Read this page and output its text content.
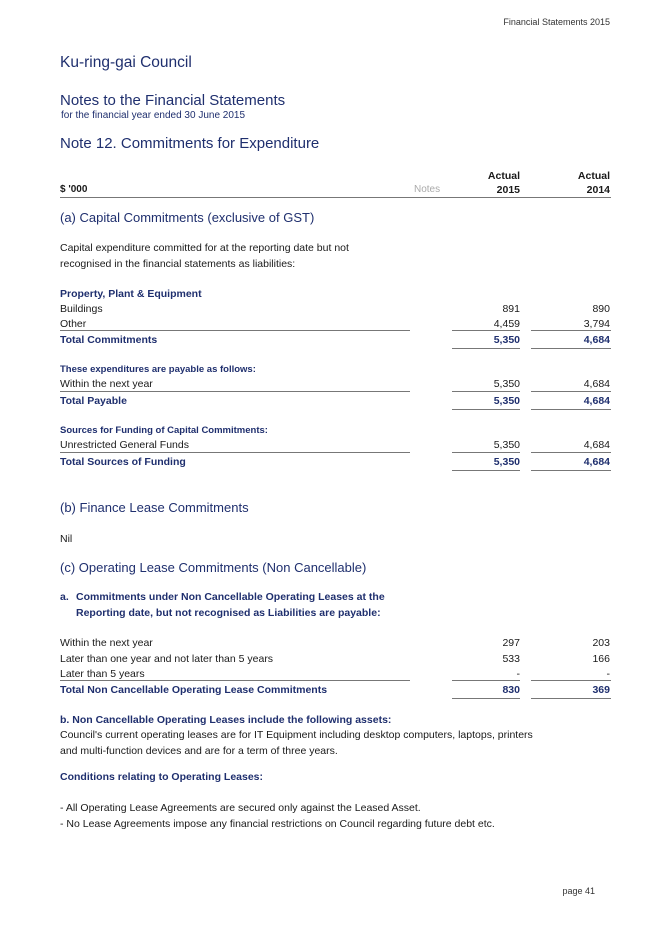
Financial Statements 2015
Ku-ring-gai Council
Notes to the Financial Statements
for the financial year ended 30 June 2015
Note 12. Commitments for Expenditure
Actual	Actual
$ '000	Notes	2015	2014
(a) Capital Commitments (exclusive of GST)
Capital expenditure committed for at the reporting date but not
recognised in the financial statements as liabilities:
Property, Plant & Equipment
Buildings	891	890
Other	4,459	3,794
Total Commitments	5,350	4,684
These expenditures are payable as follows:
Within the next year	5,350	4,684
Total Payable	5,350	4,684
Sources for Funding of Capital Commitments:
Unrestricted General Funds	5,350	4,684
Total Sources of Funding	5,350	4,684
(b) Finance Lease Commitments
Nil
(c) Operating Lease Commitments (Non Cancellable)
a. Commitments under Non Cancellable Operating Leases at the
Reporting date, but not recognised as Liabilities are payable:
Within the next year	297	203
Later than one year and not later than 5 years	533	166
Later than 5 years	-	-
Total Non Cancellable Operating Lease Commitments	830	369
b. Non Cancellable Operating Leases include the following assets:
Council's current operating leases are for IT Equipment including desktop computers, laptops, printers
and multi-function devices and are for a term of three years.
Conditions relating to Operating Leases:
- All Operating Lease Agreements are secured only against the Leased Asset.
- No Lease Agreements impose any financial restrictions on Council regarding future debt etc.
page 41
